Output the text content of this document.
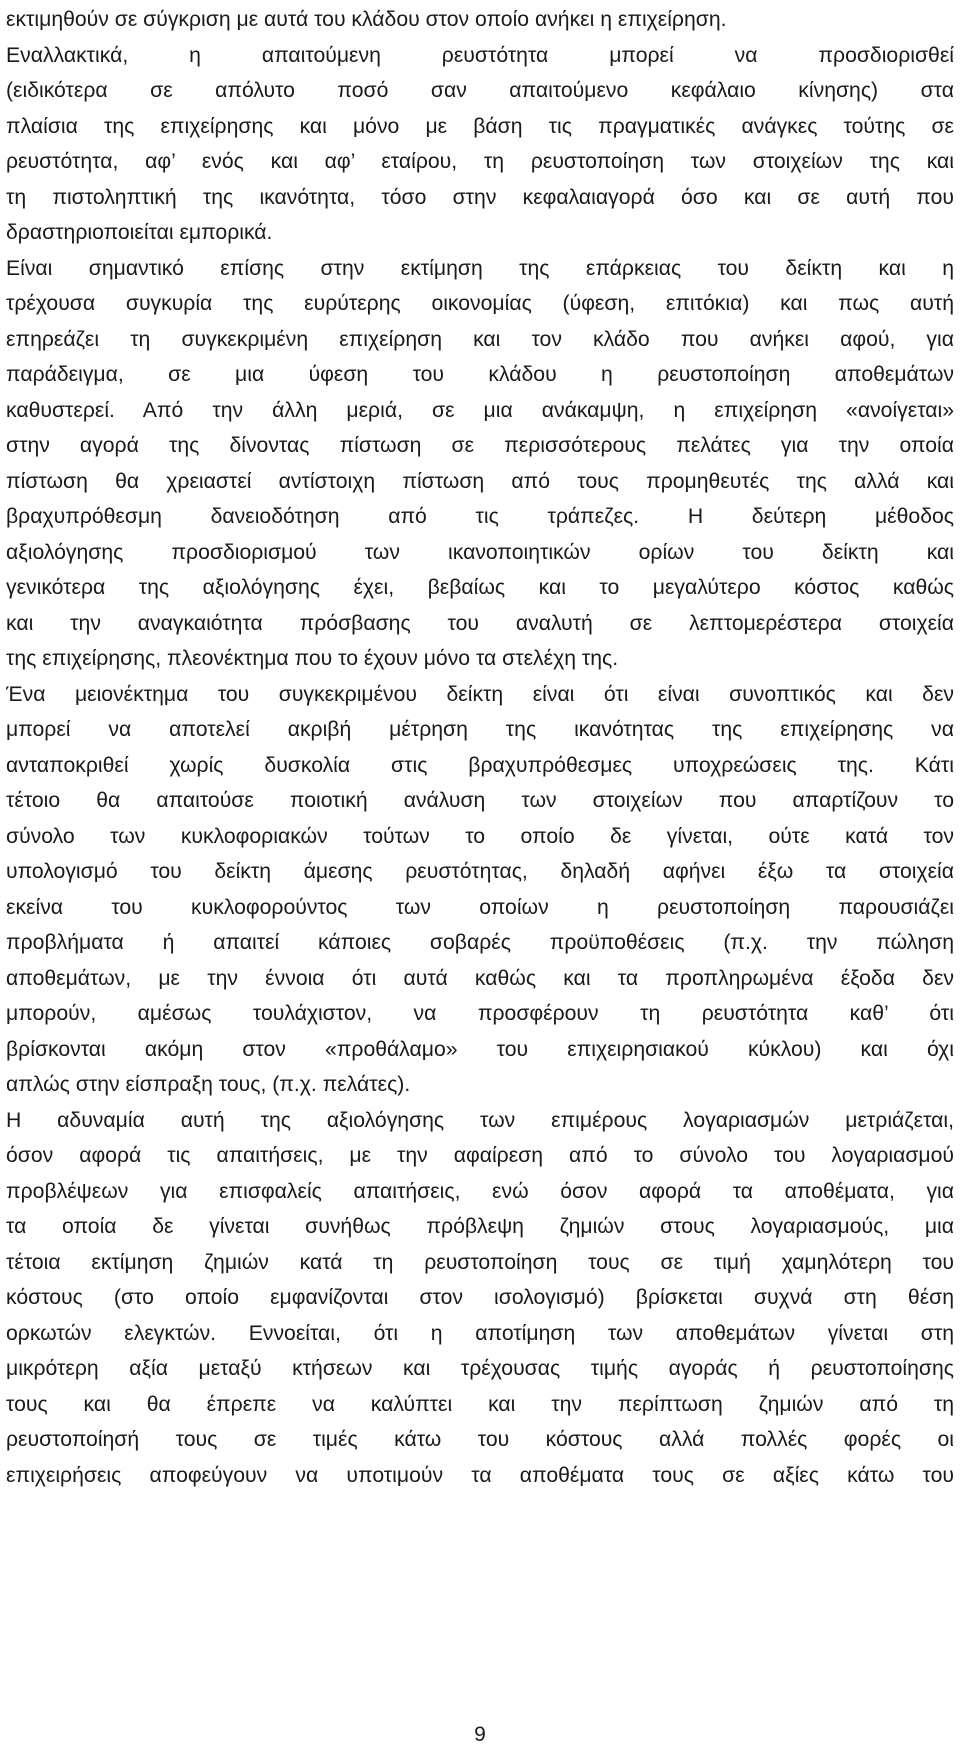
εκτιμηθούν σε σύγκριση με αυτά του κλάδου στον οποίο ανήκει η επιχείρηση.
Εναλλακτικά, η απαιτούμενη ρευστότητα μπορεί να προσδιορισθεί
(ειδικότερα σε απόλυτο ποσό σαν απαιτούμενο κεφάλαιο κίνησης) στα
πλαίσια της επιχείρησης και μόνο με βάση τις πραγματικές ανάγκες τούτης σε
ρευστότητα, αφ’ ενός και αφ’ εταίρου, τη ρευστοποίηση των στοιχείων της και
τη πιστοληπτική της ικανότητα, τόσο στην κεφαλαιαγορά όσο και σε αυτή που
δραστηριοποιείται εμπορικά.
Είναι σημαντικό επίσης στην εκτίμηση της επάρκειας του δείκτη και η
τρέχουσα συγκυρία της ευρύτερης οικονομίας (ύφεση, επιτόκια) και πως αυτή
επηρεάζει τη συγκεκριμένη επιχείρηση και τον κλάδο που ανήκει αφού, για
παράδειγμα, σε μια ύφεση του κλάδου η ρευστοποίηση αποθεμάτων
καθυστερεί. Από την άλλη μεριά, σε μια ανάκαμψη, η επιχείρηση «ανοίγεται»
στην αγορά της δίνοντας πίστωση σε περισσότερους πελάτες για την οποία
πίστωση θα χρειαστεί αντίστοιχη πίστωση από τους προμηθευτές της αλλά και
βραχυπρόθεσμη δανειοδότηση από τις τράπεζες. Η δεύτερη μέθοδος
αξιολόγησης προσδιορισμού των ικανοποιητικών ορίων του δείκτη και
γενικότερα της αξιολόγησης έχει, βεβαίως και το μεγαλύτερο κόστος καθώς
και την αναγκαιότητα πρόσβασης του αναλυτή σε λεπτομερέστερα στοιχεία
της επιχείρησης, πλεονέκτημα που το έχουν μόνο τα στελέχη της.
Ένα μειονέκτημα του συγκεκριμένου δείκτη είναι ότι είναι συνοπτικός και δεν
μπορεί να αποτελεί ακριβή μέτρηση της ικανότητας της επιχείρησης να
ανταποκριθεί χωρίς δυσκολία στις βραχυπρόθεσμες υποχρεώσεις της. Κάτι
τέτοιο θα απαιτούσε ποιοτική ανάλυση των στοιχείων που απαρτίζουν το
σύνολο των κυκλοφοριακών τούτων το οποίο δε γίνεται, ούτε κατά τον
υπολογισμό του δείκτη άμεσης ρευστότητας, δηλαδή αφήνει έξω τα στοιχεία
εκείνα του κυκλοφορούντος των οποίων η ρευστοποίηση παρουσιάζει
προβλήματα ή απαιτεί κάποιες σοβαρές προϋποθέσεις (π.χ. την πώληση
αποθεμάτων, με την έννοια ότι αυτά καθώς και τα προπληρωμένα έξοδα δεν
μπορούν, αμέσως τουλάχιστον, να προσφέρουν τη ρευστότητα καθ’ ότι
βρίσκονται ακόμη στον «προθάλαμο» του επιχειρησιακού κύκλου) και όχι
απλώς στην είσπραξη τους, (π.χ. πελάτες).
Η αδυναμία αυτή της αξιολόγησης των επιμέρους λογαριασμών μετριάζεται,
όσον αφορά τις απαιτήσεις, με την αφαίρεση από το σύνολο του λογαριασμού
προβλέψεων για επισφαλείς απαιτήσεις, ενώ όσον αφορά τα αποθέματα, για
τα οποία δε γίνεται συνήθως πρόβλεψη ζημιών στους λογαριασμούς, μια
τέτοια εκτίμηση ζημιών κατά τη ρευστοποίηση τους σε τιμή χαμηλότερη του
κόστους (στο οποίο εμφανίζονται στον ισολογισμό) βρίσκεται συχνά στη θέση
ορκωτών ελεγκτών. Εννοείται, ότι η αποτίμηση των αποθεμάτων γίνεται στη
μικρότερη αξία μεταξύ κτήσεων και τρέχουσας τιμής αγοράς ή ρευστοποίησης
τους και θα έπρεπε να καλύπτει και την περίπτωση ζημιών από τη
ρευστοποίησή τους σε τιμές κάτω του κόστους αλλά πολλές φορές οι
επιχειρήσεις αποφεύγουν να υποτιμούν τα αποθέματα τους σε αξίες κάτω του
9
